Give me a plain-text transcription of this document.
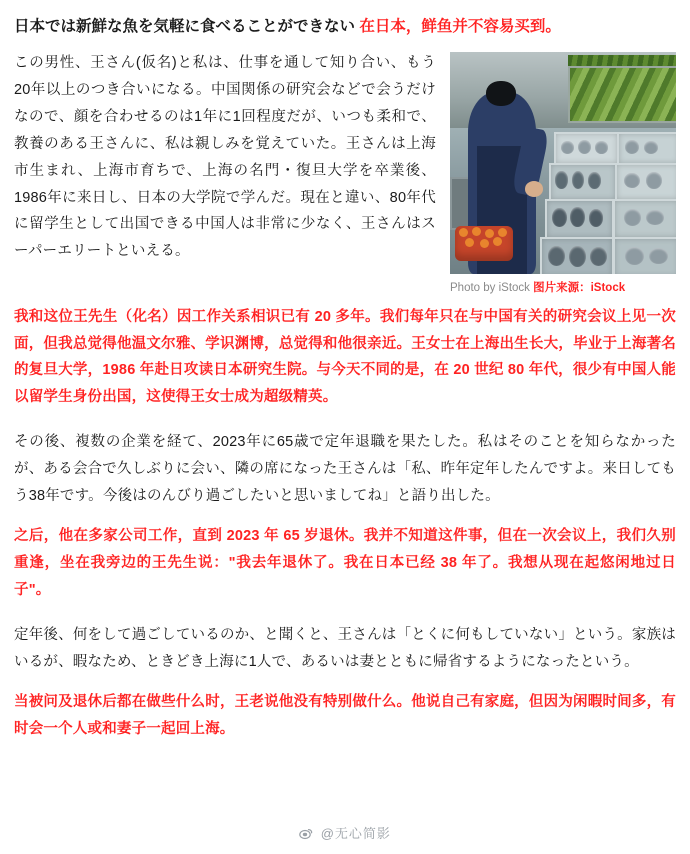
日本では新鮮な魚を気軽に食べることができない 在日本，鲜鱼并不容易买到。
Photo by iStock 图片来源：iStock

この男性、王さん(仮名)と私は、仕事を通して知り合い、もう20年以上のつき合いになる。中国関係の研究会などで会うだけなので、顔を合わせるのは1年に1回程度だが、いつも柔和で、教養のある王さんに、私は親しみを覚えていた。王さんは上海市生まれ、上海市育ちで、上海の名門・復旦大学を卒業後、1986年に来日し、日本の大学院で学んだ。現在と違い、80年代に留学生として出国できる中国人は非常に少なく、王さんはスーパーエリートといえる。

我和这位王先生（化名）因工作关系相识已有 20 多年。我们每年只在与中国有关的研究会议上见一次面，但我总觉得他温文尔雅、学识渊博，总觉得和他很亲近。王女士在上海出生长大，毕业于上海著名的复旦大学，1986 年赴日攻读日本研究生院。与今天不同的是，在 20 世纪 80 年代，很少有中国人能以留学生身份出国，这使得王女士成为超级精英。

その後、複数の企業を経て、2023年に65歳で定年退職を果たした。私はそのことを知らなかったが、ある会合で久しぶりに会い、隣の席になった王さんは「私、昨年定年したんですよ。来日してもう38年です。今後はのんびり過ごしたいと思いましてね」と語り出した。

之后，他在多家公司工作，直到 2023 年 65 岁退休。我并不知道这件事，但在一次会议上，我们久别重逢，坐在我旁边的王先生说："我去年退休了。我在日本已经 38 年了。我想从现在起悠闲地过日子"。

定年後、何をして過ごしているのか、と聞くと、王さんは「とくに何もしていない」という。家族はいるが、暇なため、ときどき上海に1人で、あるいは妻とともに帰省するようになったという。

当被问及退休后都在做些什么时，王老说他没有特别做什么。他说自己有家庭，但因为闲暇时间多，有时会一个人或和妻子一起回上海。

@无心简影
